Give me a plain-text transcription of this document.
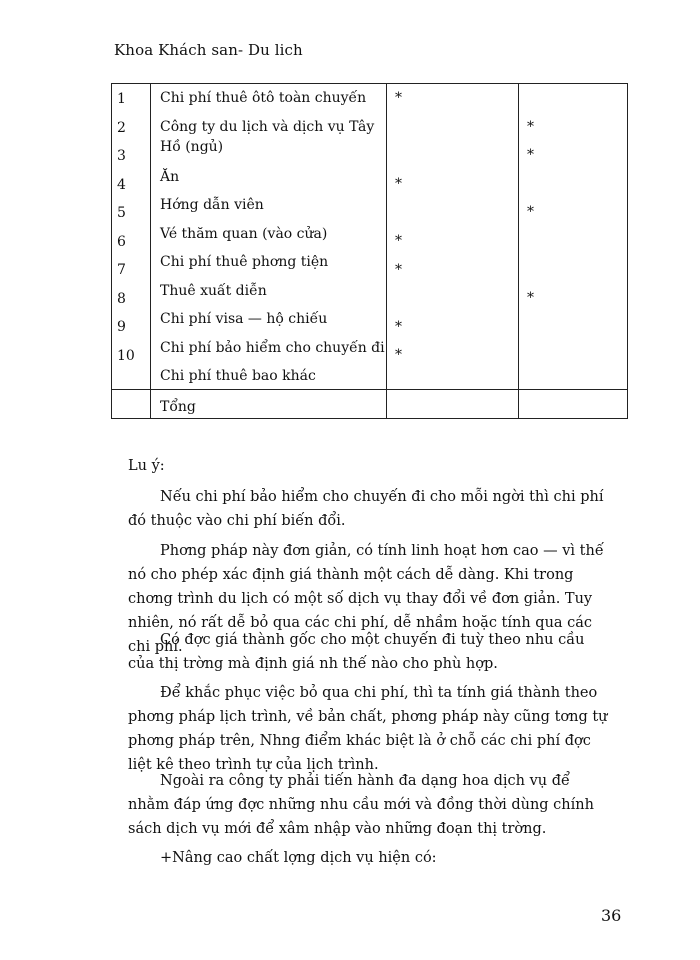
Khoa Khách san- Du lich
1
2
3
4
5
6
7
8
9
10
Chi phí thuê ôtô toàn chuyến
Công ty du lịch và dịch vụ Tây
Hồ (ngủ)
Ăn
Hớng dẫn viên
Vé thăm quan (vào cửa)
Chi phí thuê phơng tiện
Thuê xuất diễn
Chi phí visa — hộ chiếu
Chi phí bảo hiểm cho chuyến đi
Chi phí thuê bao khác
*
*
*
*
*
*
*
*
*
*
Tổng
Lu ý:

Nếu chi phí bảo hiểm cho chuyến đi cho mỗi ngời thì chi phí đó thuộc vào chi phí biến đổi.

Phơng pháp này đơn giản, có tính linh hoạt hơn cao — vì thế nó cho phép xác định giá thành một cách dễ dàng. Khi trong chơng trình du lịch có một số dịch vụ thay đổi về đơn giản. Tuy nhiên, nó rất dễ bỏ qua các chi phí, dễ nhầm hoặc tính qua các chi phí.

Có đợc giá thành gốc cho một chuyến đi tuỳ theo nhu cầu của thị trờng mà định giá nh thế nào cho phù hợp.

Để khắc phục việc bỏ qua chi phí, thì ta tính giá thành theo phơng pháp lịch trình, về bản chất, phơng pháp này cũng tơng tự phơng pháp trên, Nhng điểm khác biệt là ở chỗ các chi phí đợc liệt kê theo trình tự của lịch trình.

Ngoài ra công ty phải tiến hành đa dạng hoa dịch vụ để nhằm đáp ứng đợc những nhu cầu mới và đồng thời dùng chính sách dịch vụ mới để xâm nhập vào những đoạn thị trờng.

+Nâng cao chất lợng dịch vụ hiện có:

36
